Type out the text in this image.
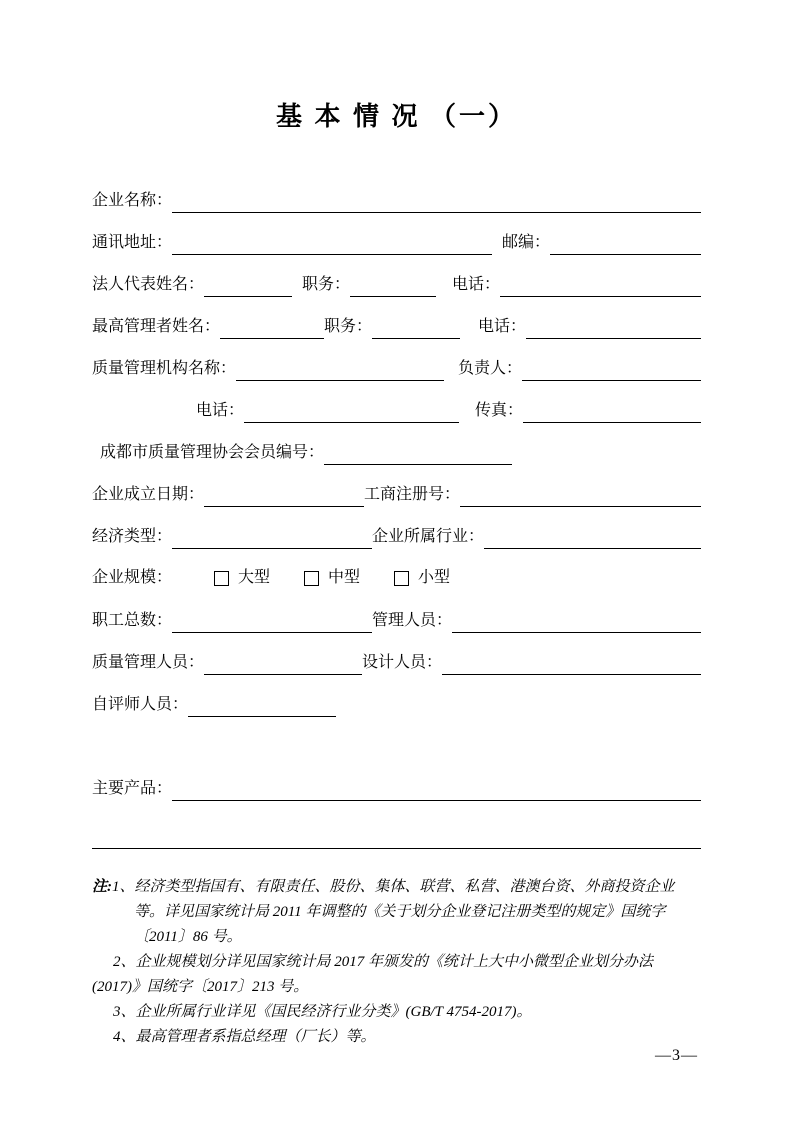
基 本 情 况 （一）
企业名称：
通讯地址：	邮编：
法人代表姓名：	职务：	电话：
最高管理者姓名：	职务：	电话：
质量管理机构名称：	负责人：
电话：	传真：
成都市质量管理协会会员编号：
企业成立日期：	工商注册号：
经济类型：	企业所属行业：
企业规模：	大型	中型	小型
职工总数：	管理人员：
质量管理人员：	设计人员：
自评师人员：
主要产品：
注:1、经济类型指国有、有限责任、股份、集体、联营、私营、港澳台资、外商投资企业
等。详见国家统计局 2011 年调整的《关于划分企业登记注册类型的规定》国统字
〔2011〕86 号。
2、企业规模划分详见国家统计局 2017 年颁发的《统计上大中小微型企业划分办法
(2017)》国统字〔2017〕213 号。
3、企业所属行业详见《国民经济行业分类》(GB/T 4754-2017)。
4、最高管理者系指总经理（厂长）等。
—3—
